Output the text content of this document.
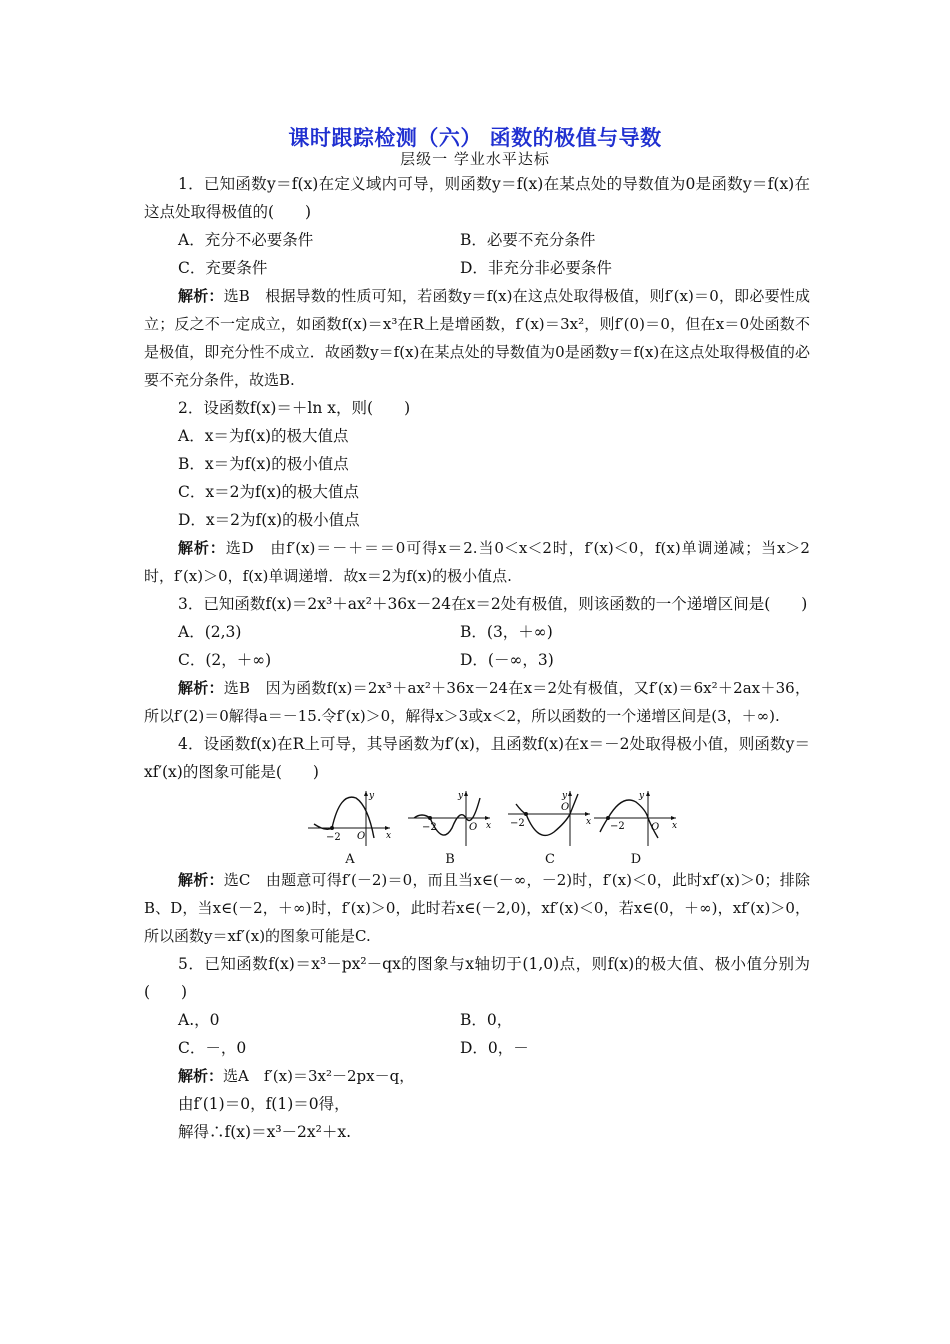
课时跟踪检测（六） 函数的极值与导数
层级一 学业水平达标

1．已知函数y＝f(x)在定义域内可导，则函数y＝f(x)在某点处的导数值为0是函数y＝f(x)在这点处取得极值的(　　)

A．充分不必要条件	B．必要不充分条件
C．充要条件	D．非充分非必要条件

解析：选B　根据导数的性质可知，若函数y＝f(x)在这点处取得极值，则f′(x)＝0，即必要性成立；反之不一定成立，如函数f(x)＝x³在R上是增函数，f′(x)＝3x²，则f′(0)＝0，但在x＝0处函数不是极值，即充分性不成立．故函数y＝f(x)在某点处的导数值为0是函数y＝f(x)在这点处取得极值的必要不充分条件，故选B.

2．设函数f(x)＝＋ln x，则(　　)

A．x＝为f(x)的极大值点

B．x＝为f(x)的极小值点

C．x＝2为f(x)的极大值点

D．x＝2为f(x)的极小值点

解析：选D　由f′(x)＝－＋＝＝0可得x＝2.当0＜x＜2时，f′(x)＜0，f(x)单调递减；当x＞2时，f′(x)＞0，f(x)单调递增．故x＝2为f(x)的极小值点.

3．已知函数f(x)＝2x³＋ax²＋36x－24在x＝2处有极值，则该函数的一个递增区间是(　　)

A．(2,3)	B．(3，＋∞)
C．(2，＋∞)	D．(－∞，3)

解析：选B　因为函数f(x)＝2x³＋ax²＋36x－24在x＝2处有极值，又f′(x)＝6x²＋2ax＋36，所以f′(2)＝0解得a＝－15.令f′(x)＞0，解得x＞3或x＜2，所以函数的一个递增区间是(3，＋∞).

4．设函数f(x)在R上可导，其导函数为f′(x)，且函数f(x)在x＝－2处取得极小值，则函数y＝xf′(x)的图象可能是(　　)

−2 O x
y
A
−2	O x
y
B
−2
O
x
y
C
−2	O x
y
D

解析：选C　由题意可得f′(－2)＝0，而且当x∈(－∞，－2)时，f′(x)＜0，此时xf′(x)＞0；排除B、D，当x∈(－2，＋∞)时，f′(x)＞0，此时若x∈(－2,0)，xf′(x)＜0，若x∈(0，＋∞)，xf′(x)＞0，所以函数y＝xf′(x)的图象可能是C.

5．已知函数f(x)＝x³－px²－qx的图象与x轴切于(1,0)点，则f(x)的极大值、极小值分别为(　　)

A.，0	B．0，
C．－，0	D．0，－

解析：选A　f′(x)＝3x²－2px－q，

由f′(1)＝0，f(1)＝0得，

解得∴f(x)＝x³－2x²＋x.
